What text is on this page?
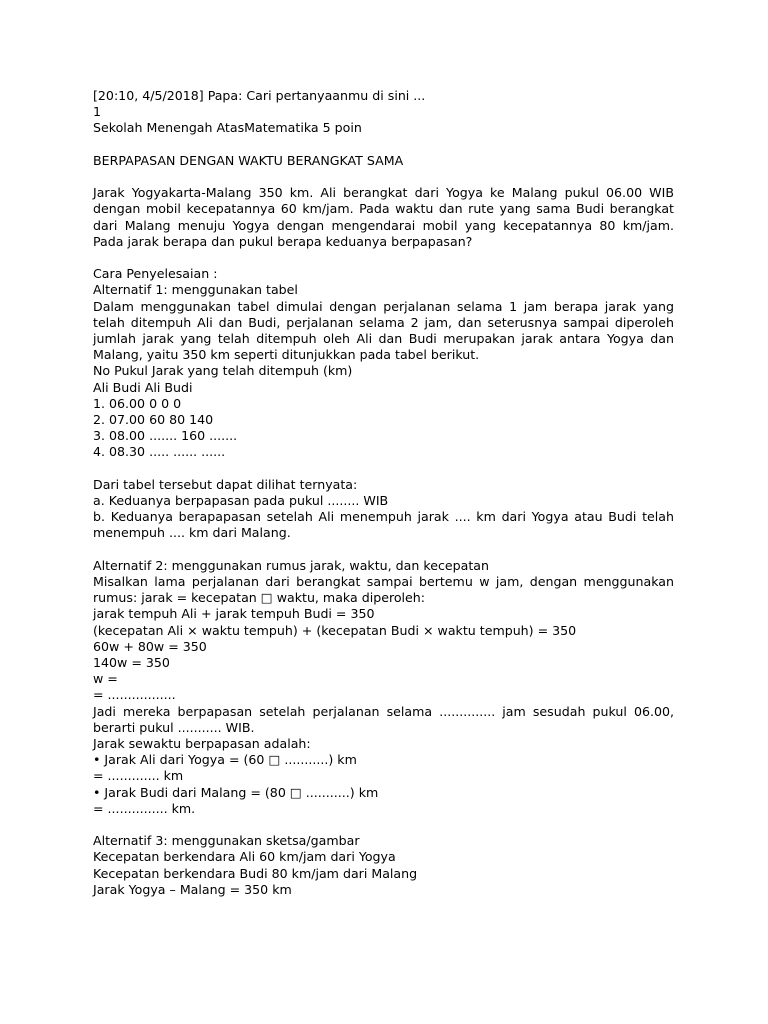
[20:10, 4/5/2018] Papa: Cari pertanyaanmu di sini ...

1

Sekolah Menengah AtasMatematika 5 poin

BERPAPASAN DENGAN WAKTU BERANGKAT SAMA

Jarak Yogyakarta-Malang 350 km. Ali berangkat dari Yogya ke Malang pukul 06.00 WIB dengan mobil kecepatannya 60 km/jam. Pada waktu dan rute yang sama Budi berangkat dari Malang menuju Yogya dengan mengendarai mobil yang kecepatannya 80 km/jam. Pada jarak berapa dan pukul berapa keduanya berpapasan?

Cara Penyelesaian :

Alternatif 1: menggunakan tabel

Dalam menggunakan tabel dimulai dengan perjalanan selama 1 jam berapa jarak yang telah ditempuh Ali dan Budi, perjalanan selama 2 jam, dan seterusnya sampai diperoleh jumlah jarak yang telah ditempuh oleh Ali dan Budi merupakan jarak antara Yogya dan Malang, yaitu 350 km seperti ditunjukkan pada tabel berikut.

No Pukul Jarak yang telah ditempuh (km)

Ali Budi Ali Budi

1. 06.00 0 0 0

2. 07.00 60 80 140

3. 08.00 ....... 160 .......

4. 08.30 ..... ...... ......

Dari tabel tersebut dapat dilihat ternyata:

a. Keduanya berpapasan pada pukul ........ WIB

b. Keduanya berapapasan setelah Ali menempuh jarak .... km dari Yogya atau Budi telah menempuh .... km dari Malang.

Alternatif 2: menggunakan rumus jarak, waktu, dan kecepatan

Misalkan lama perjalanan dari berangkat sampai bertemu w jam, dengan menggunakan rumus: jarak = kecepatan □ waktu, maka diperoleh:

jarak tempuh Ali + jarak tempuh Budi = 350

(kecepatan Ali × waktu tempuh) + (kecepatan Budi × waktu tempuh) = 350

60w + 80w = 350

140w = 350

w =

= .................

Jadi mereka berpapasan setelah perjalanan selama .............. jam sesudah pukul 06.00, berarti pukul ........... WIB.

Jarak sewaktu berpapasan adalah:

• Jarak Ali dari Yogya = (60 □ ...........) km

= ............. km

• Jarak Budi dari Malang = (80 □ ...........) km

= ............... km.

Alternatif 3: menggunakan sketsa/gambar

Kecepatan berkendara Ali 60 km/jam dari Yogya

Kecepatan berkendara Budi 80 km/jam dari Malang

Jarak Yogya – Malang = 350 km
